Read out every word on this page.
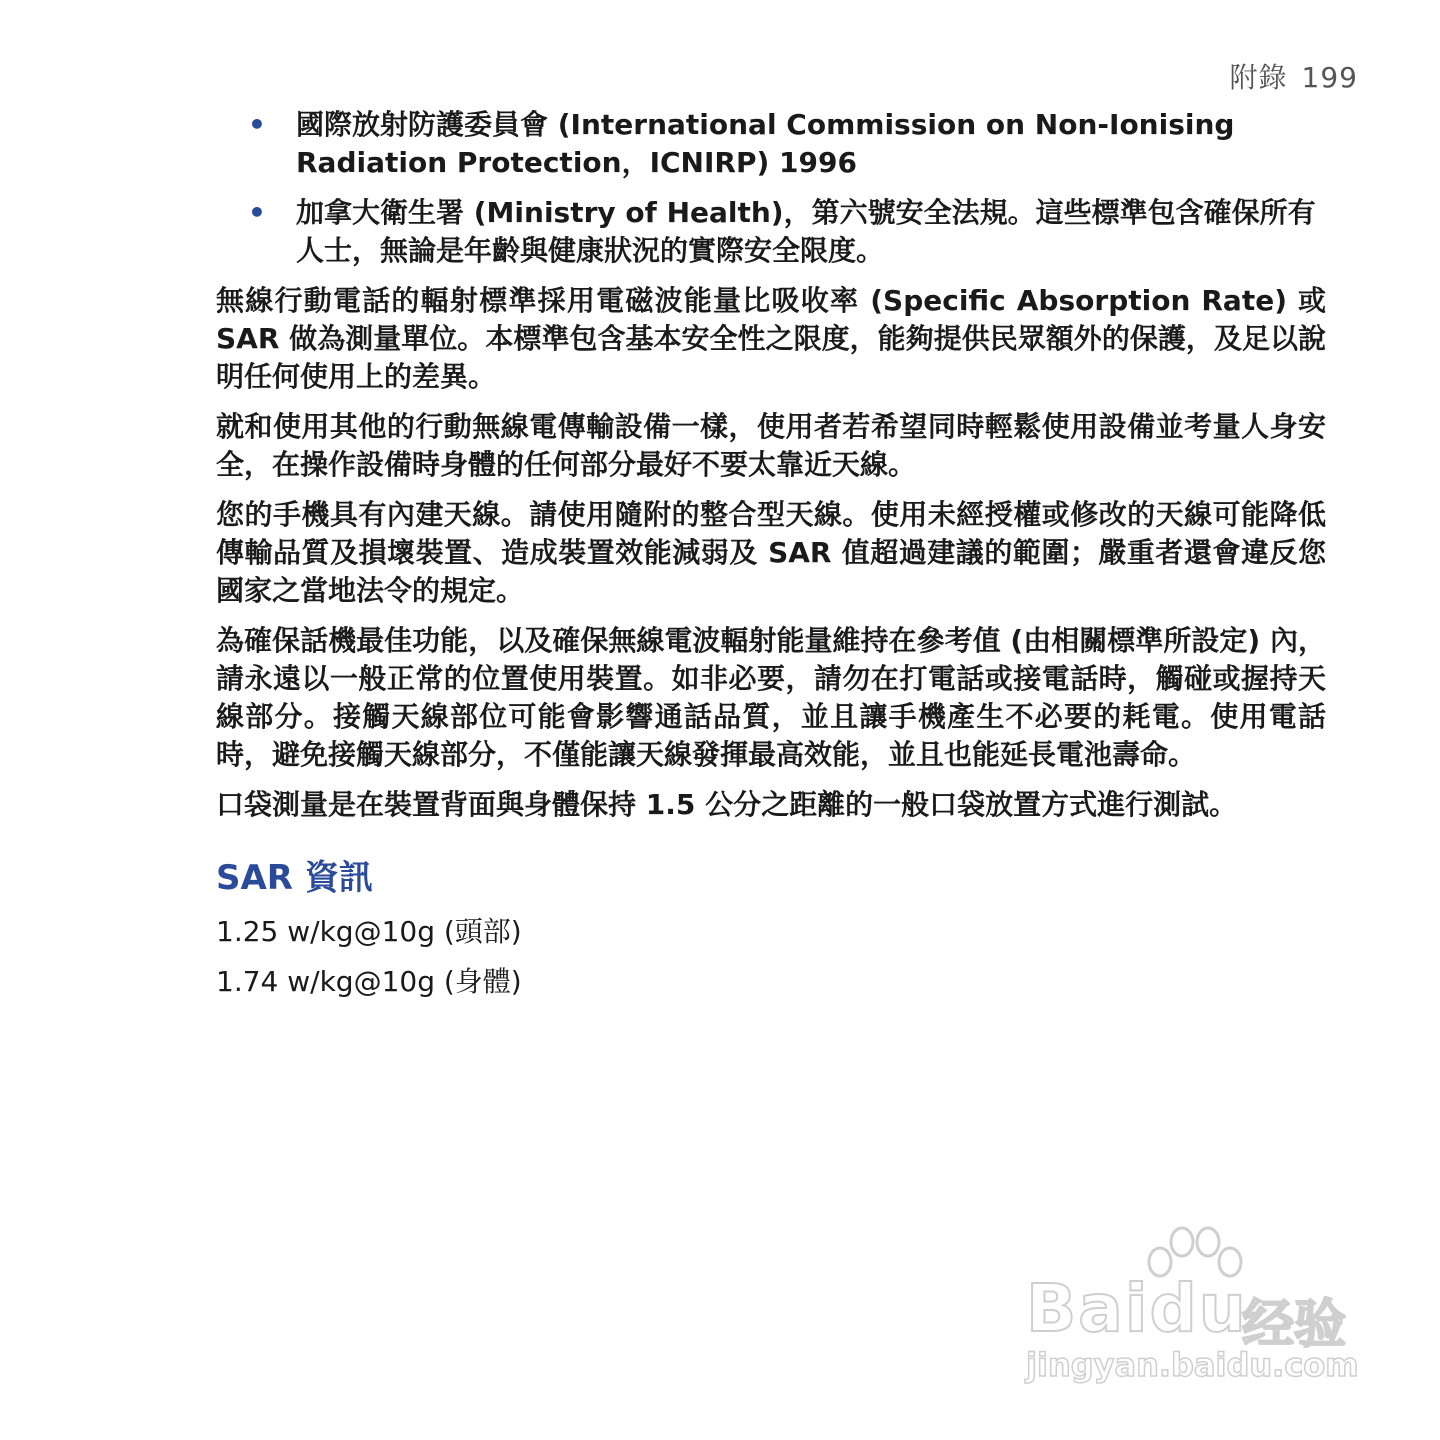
附錄 199
• 國際放射防護委員會 (International Commission on Non-Ionising Radiation Protection，ICNIRP) 1996
• 加拿大衛生署 (Ministry of Health)，第六號安全法規。這些標準包含確保所有人士，無論是年齡與健康狀況的實際安全限度。

無線行動電話的輻射標準採用電磁波能量比吸收率 (Specific Absorption Rate) 或 SAR 做為測量單位。本標準包含基本安全性之限度，能夠提供民眾額外的保護，及足以說明任何使用上的差異。

就和使用其他的行動無線電傳輸設備一樣，使用者若希望同時輕鬆使用設備並考量人身安全，在操作設備時身體的任何部分最好不要太靠近天線。

您的手機具有內建天線。請使用隨附的整合型天線。使用未經授權或修改的天線可能降低傳輸品質及損壞裝置、造成裝置效能減弱及 SAR 值超過建議的範圍；嚴重者還會違反您國家之當地法令的規定。

為確保話機最佳功能，以及確保無線電波輻射能量維持在參考值 (由相關標準所設定) 內，請永遠以一般正常的位置使用裝置。如非必要，請勿在打電話或接電話時，觸碰或握持天線部分。接觸天線部位可能會影響通話品質，並且讓手機產生不必要的耗電。使用電話時，避免接觸天線部分，不僅能讓天線發揮最高效能，並且也能延長電池壽命。

口袋測量是在裝置背面與身體保持 1.5 公分之距離的一般口袋放置方式進行測試。

SAR 資訊

1.25 w/kg@10g (頭部)

1.74 w/kg@10g (身體)

Baidu
经验
jingyan.baidu.com
